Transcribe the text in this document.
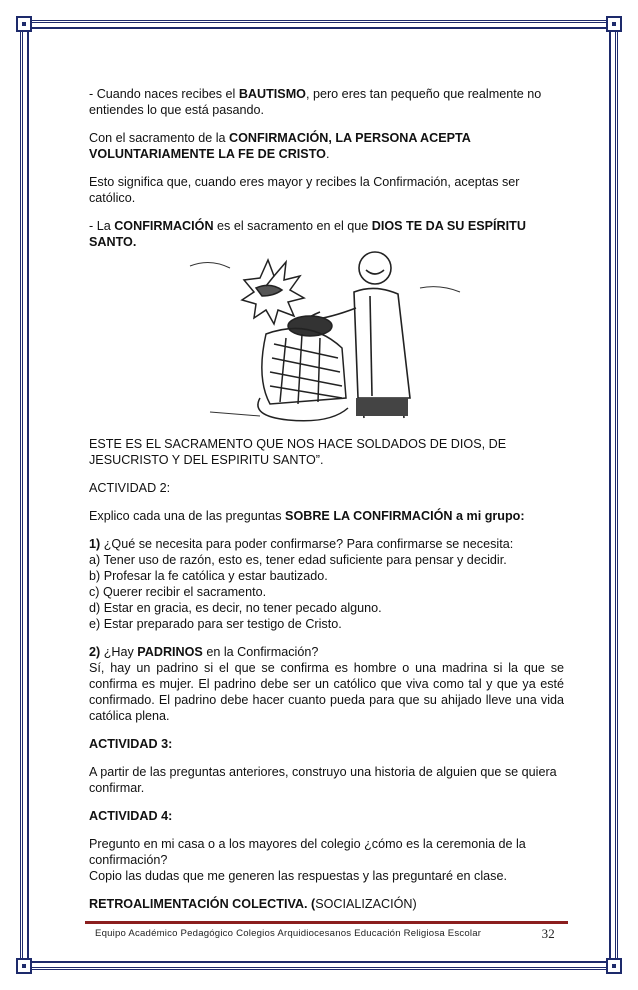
- Cuando naces recibes el BAUTISMO, pero eres tan pequeño que realmente no entiendes lo que está pasando.

Con el sacramento de la CONFIRMACIÓN, LA PERSONA ACEPTA VOLUNTARIAMENTE LA FE DE CRISTO.

Esto significa que, cuando eres mayor y recibes la Confirmación, aceptas ser católico.

- La CONFIRMACIÓN es el sacramento en el que DIOS TE DA SU ESPÍRITU SANTO.

ESTE ES EL SACRAMENTO QUE NOS HACE SOLDADOS DE DIOS, DE JESUCRISTO Y DEL ESPIRITU SANTO”.

ACTIVIDAD 2:

Explico cada una de las preguntas SOBRE LA CONFIRMACIÓN a mi grupo:

1) ¿Qué se necesita para poder confirmarse? Para confirmarse se necesita:

a) Tener uso de razón, esto es, tener edad suficiente para pensar y decidir.

b) Profesar la fe católica y estar bautizado.

c) Querer recibir el sacramento.

d) Estar en gracia, es decir, no tener pecado alguno.

e) Estar preparado para ser testigo de Cristo.

2) ¿Hay PADRINOS en la Confirmación?

Sí, hay un padrino si el que se confirma es hombre o una madrina si la que se confirma es mujer. El padrino debe ser un católico que viva como tal y que ya esté confirmado. El padrino debe hacer cuanto pueda para que su ahijado lleve una vida católica plena.

ACTIVIDAD 3:

A partir de las preguntas anteriores, construyo una historia de alguien que se quiera confirmar.

ACTIVIDAD 4:

Pregunto en mi casa o a los mayores del colegio ¿cómo es la ceremonia de la confirmación?

Copio las dudas que me generen las respuestas y las preguntaré en clase.

RETROALIMENTACIÓN COLECTIVA. (SOCIALIZACIÓN)

Equipo Académico Pedagógico Colegios Arquidiocesanos Educación Religiosa Escolar	32
